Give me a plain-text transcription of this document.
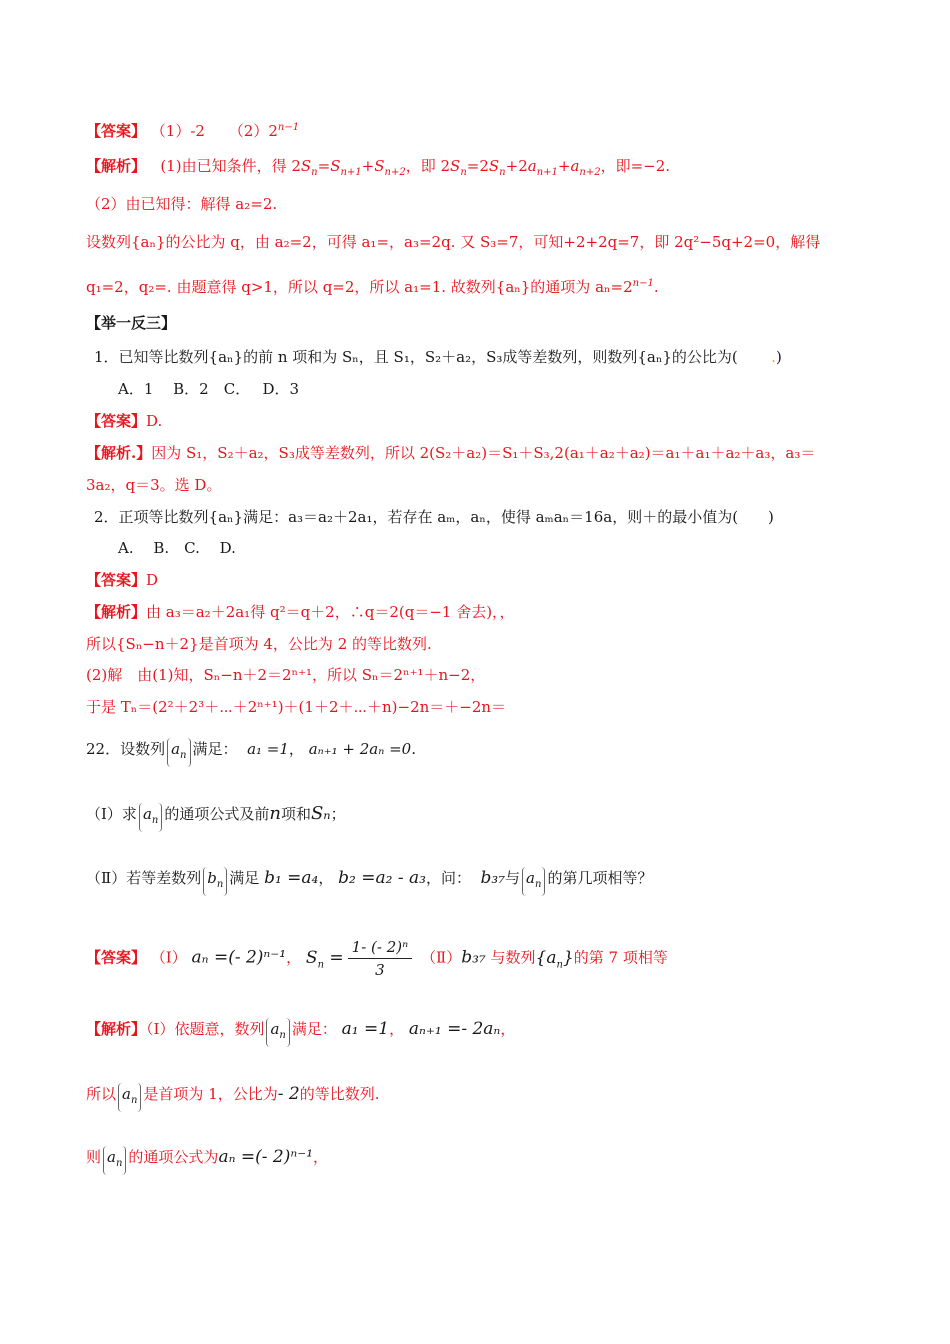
【答案】 （1）-2 $(2)2^{n-1}$
【解析】 (1)由已知条件，得 $2S_n=S_{n+1}+S_{n+2}$，即 $2S_n=2S_n+2a_{n+1}+a_{n+2}$，即=−2.
（2）由已知得：解得 a₂=2.
设数列{aₙ}的公比为 q，由 a₂=2，可得 a₁=，a₃=2q. 又 S₃=7，可知+2+2q=7，即 2q²−5q+2=0，解得
q₁=2，q₂=. 由题意得 q>1，所以 q=2，所以 a₁=1. 故数列{aₙ}的通项为 $a_n=2^{n-1}$.
【举一反三】
1．已知等比数列{aₙ}的前 n 项和为 Sₙ，且 S₁，S₂＋a₂，S₃成等差数列，则数列{aₙ}的公比为( .)
A．1　 B．2　C．　 D．3
【答案】D.
【解析.】因为 S₁，S₂＋a₂，S₃成等差数列，所以 2(S₂＋a₂)＝S₁＋S₃,2(a₁＋a₂＋a₂)＝a₁＋a₁＋a₂＋a₃，a₃＝
3a₂，q＝3。选 D。
2．正项等比数列{aₙ}满足：a₃＝a₂＋2a₁，若存在 aₘ，aₙ，使得 aₘaₙ＝16a，则＋的最小值为(　　)
A.　 B.　C.　 D.
【答案】D
【解析】由 a₃＝a₂＋2a₁得 q²＝q＋2，∴q＝2(q＝−1 舍去)，，
所以{Sₙ−n＋2}是首项为 4，公比为 2 的等比数列.
(2)解　由(1)知，Sₙ−n＋2＝2ⁿ⁺¹，所以 Sₙ＝2ⁿ⁺¹＋n−2，
于是 Tₙ＝(2²＋2³＋⋯＋2ⁿ⁺¹)＋(1＋2＋⋯＋n)−2n＝＋−2n＝
22．设数列 $a_n$ 满足： a₁ =1， aₙ₊₁ + 2aₙ =0.
（Ⅰ）求 $a_n$ 的通项公式及前n项和Sₙ；
（Ⅱ）若等差数列 $b_n$ 满足 b₁ =a₄， b₂ =a₂ - a₃，问： b₃₇与 $a_n$ 的第几项相等？
【答案】 （Ⅰ） aₙ =(- 2)ⁿ⁻¹， $S_n = \frac{\text{1- (- 2)ⁿ}}{3}$ （Ⅱ）b₃₇ 与数列$\{a_n\}$的第 7 项相等
【解析】（Ⅰ）依题意，数列 $a_n$ 满足： a₁ =1， aₙ₊₁ =- 2aₙ，
所以 $a_n$ 是首项为 1，公比为- 2的等比数列.
则 $a_n$ 的通项公式为aₙ =(- 2)ⁿ⁻¹，
